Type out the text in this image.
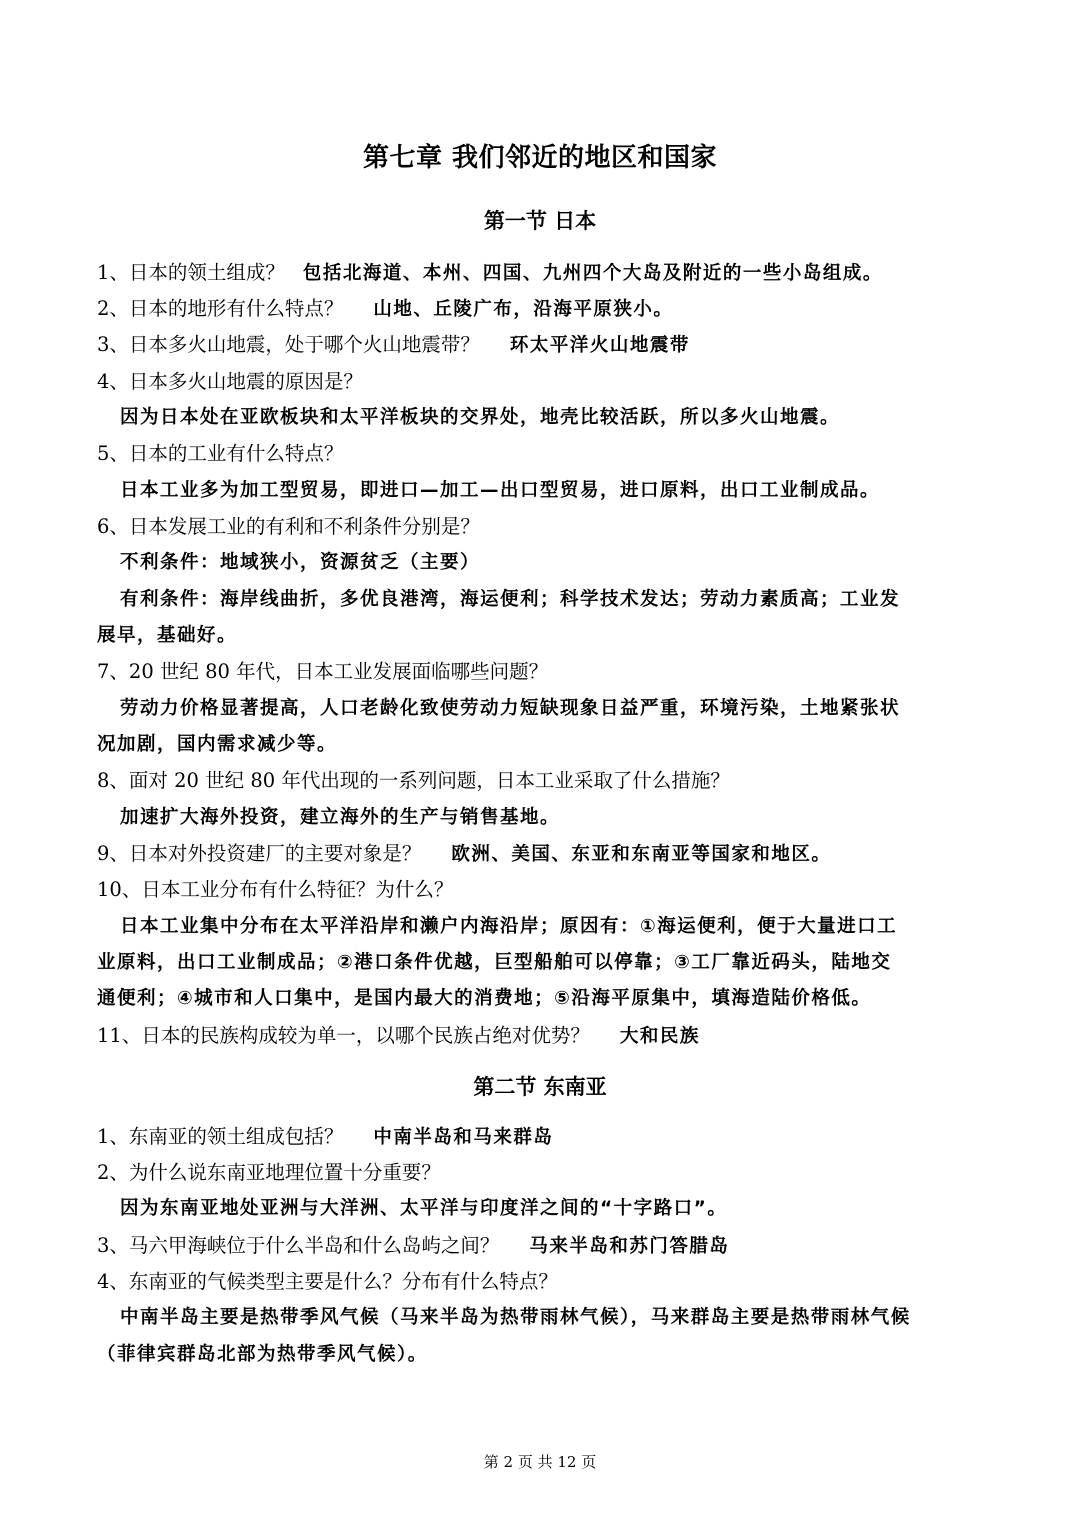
第七章 我们邻近的地区和国家
第一节 日本
1、日本的领土组成？ 包括北海道、本州、四国、九州四个大岛及附近的一些小岛组成。
2、日本的地形有什么特点？ 山地、丘陵广布，沿海平原狭小。
3、日本多火山地震，处于哪个火山地震带？ 环太平洋火山地震带
4、日本多火山地震的原因是？
因为日本处在亚欧板块和太平洋板块的交界处，地壳比较活跃，所以多火山地震。
5、日本的工业有什么特点？
日本工业多为加工型贸易，即进口—加工—出口型贸易，进口原料，出口工业制成品。
6、日本发展工业的有利和不利条件分别是？
不利条件：地域狭小，资源贫乏（主要）
有利条件：海岸线曲折，多优良港湾，海运便利；科学技术发达；劳动力素质高；工业发
展早，基础好。
7、20 世纪 80 年代，日本工业发展面临哪些问题？
劳动力价格显著提高，人口老龄化致使劳动力短缺现象日益严重，环境污染，土地紧张状
况加剧，国内需求减少等。
8、面对 20 世纪 80 年代出现的一系列问题，日本工业采取了什么措施？
加速扩大海外投资，建立海外的生产与销售基地。
9、日本对外投资建厂的主要对象是？ 欧洲、美国、东亚和东南亚等国家和地区。
10、日本工业分布有什么特征？为什么？
日本工业集中分布在太平洋沿岸和濑户内海沿岸；原因有：①海运便利，便于大量进口工
业原料，出口工业制成品；②港口条件优越，巨型船舶可以停靠；③工厂靠近码头，陆地交
通便利；④城市和人口集中，是国内最大的消费地；⑤沿海平原集中，填海造陆价格低。
11、日本的民族构成较为单一，以哪个民族占绝对优势？ 大和民族
第二节 东南亚
1、东南亚的领土组成包括？ 中南半岛和马来群岛
2、为什么说东南亚地理位置十分重要？
因为东南亚地处亚洲与大洋洲、太平洋与印度洋之间的“十字路口”。
3、马六甲海峡位于什么半岛和什么岛屿之间？ 马来半岛和苏门答腊岛
4、东南亚的气候类型主要是什么？分布有什么特点？
中南半岛主要是热带季风气候（马来半岛为热带雨林气候），马来群岛主要是热带雨林气候
（菲律宾群岛北部为热带季风气候）。
第 2 页 共 12 页
